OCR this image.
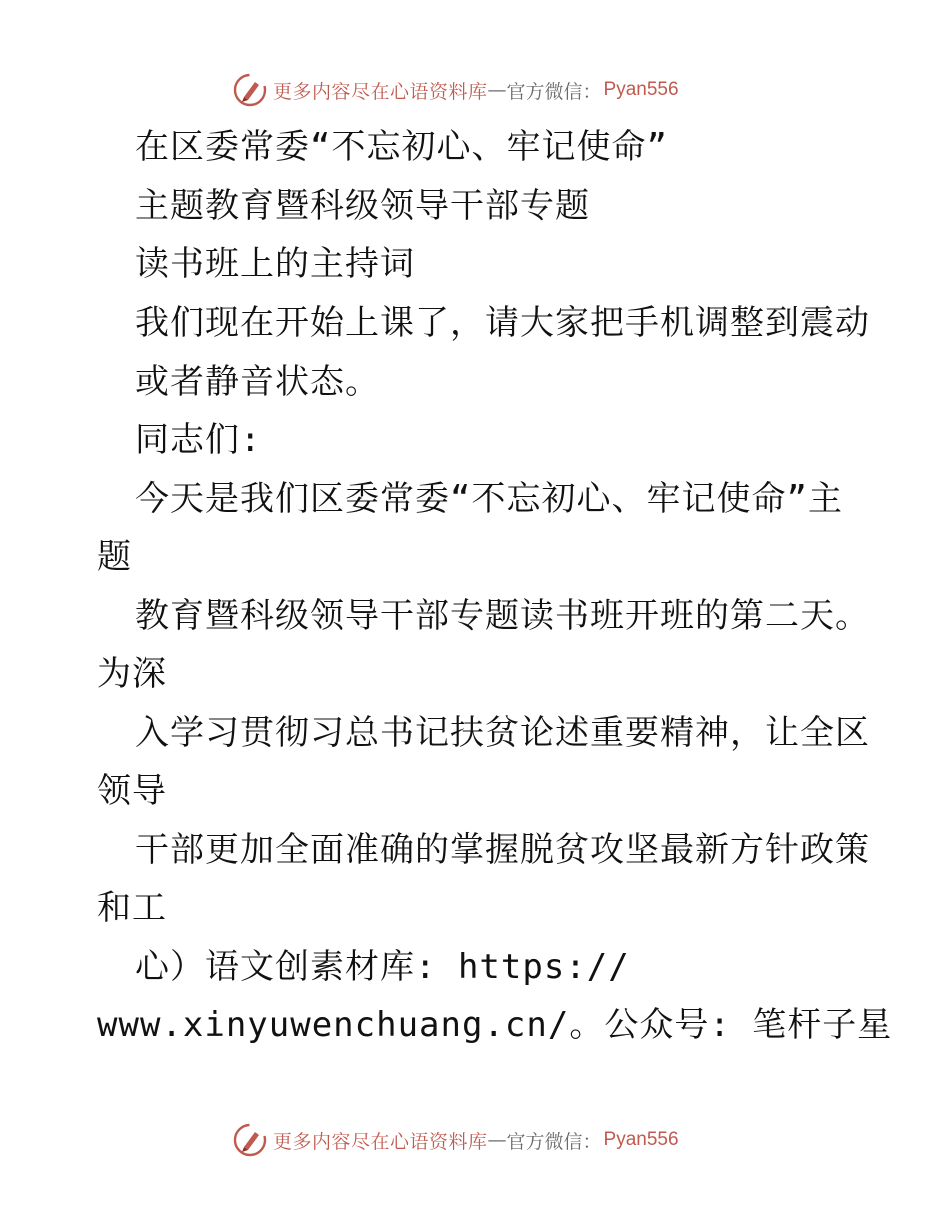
更多内容尽在心语资料库 — 官方微信： Pyan556
在区委常委“不忘初心、牢记使命”
主题教育暨科级领导干部专题
读书班上的主持词
我们现在开始上课了，请大家把手机调整到震动
或者静音状态。
同志们:
今天是我们区委常委“不忘初心、牢记使命”主
题
教育暨科级领导干部专题读书班开班的第二天。
为深
入学习贯彻习总书记扶贫论述重要精神，让全区
领导
干部更加全面准确的掌握脱贫攻坚最新方针政策
和工
心）语文创素材库: https://
www.xinyuwenchuang.cn/。公众号: 笔杆子星
更多内容尽在心语资料库 — 官方微信： Pyan556
